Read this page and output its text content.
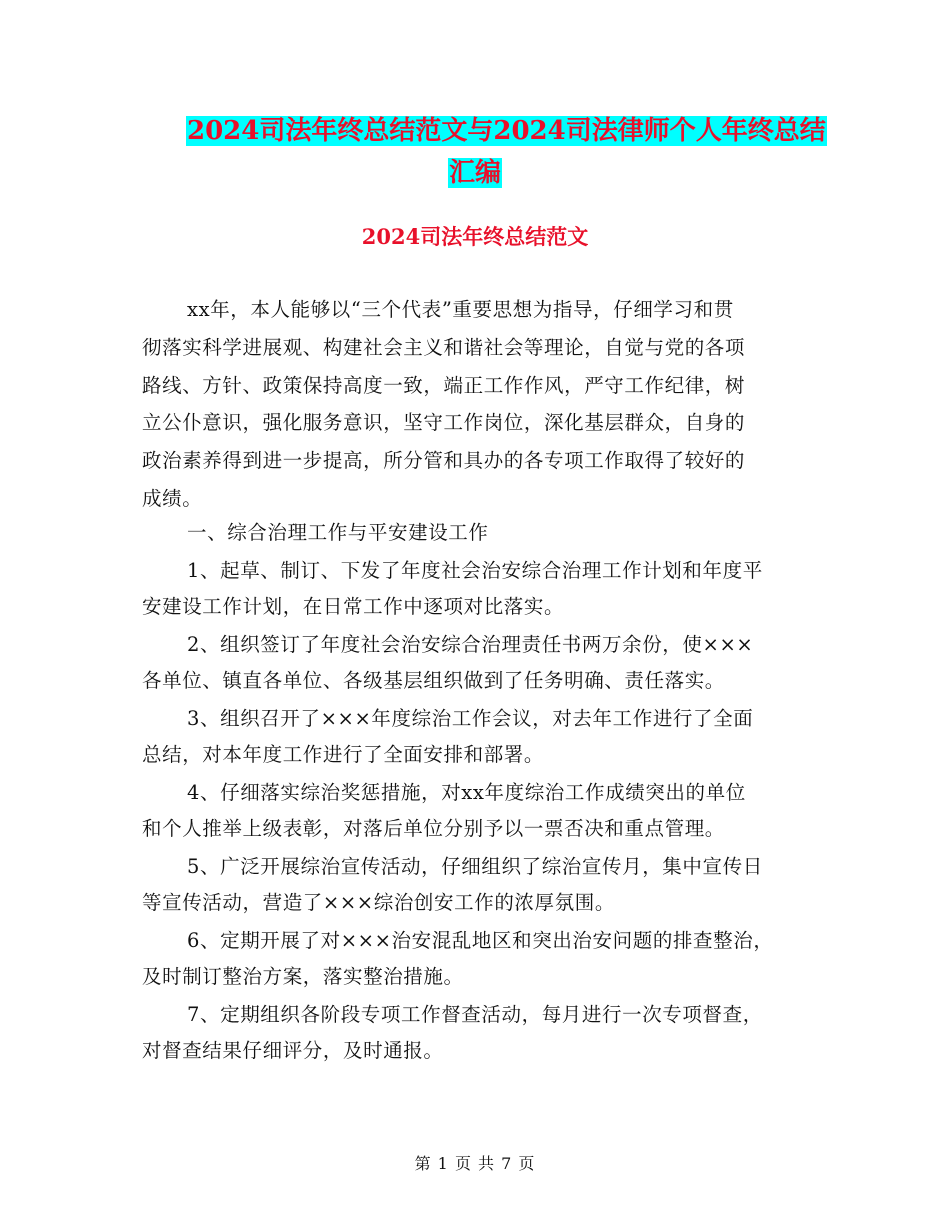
2024司法年终总结范文与2024司法律师个人年终总结
汇编
2024司法年终总结范文
xx年，本人能够以“三个代表”重要思想为指导，仔细学习和贯
彻落实科学进展观、构建社会主义和谐社会等理论，自觉与党的各项
路线、方针、政策保持高度一致，端正工作作风，严守工作纪律，树
立公仆意识，强化服务意识，坚守工作岗位，深化基层群众，自身的
政治素养得到进一步提高，所分管和具办的各专项工作取得了较好的
成绩。
一、综合治理工作与平安建设工作
1、起草、制订、下发了年度社会治安综合治理工作计划和年度平
安建设工作计划，在日常工作中逐项对比落实。
2、组织签订了年度社会治安综合治理责任书两万余份，使×××
各单位、镇直各单位、各级基层组织做到了任务明确、责任落实。
3、组织召开了×××年度综治工作会议，对去年工作进行了全面
总结，对本年度工作进行了全面安排和部署。
4、仔细落实综治奖惩措施，对xx年度综治工作成绩突出的单位
和个人推举上级表彰，对落后单位分别予以一票否决和重点管理。
5、广泛开展综治宣传活动，仔细组织了综治宣传月，集中宣传日
等宣传活动，营造了×××综治创安工作的浓厚氛围。
6、定期开展了对×××治安混乱地区和突出治安问题的排查整治，
及时制订整治方案，落实整治措施。
7、定期组织各阶段专项工作督查活动，每月进行一次专项督查，
对督查结果仔细评分，及时通报。
第 1 页 共 7 页
